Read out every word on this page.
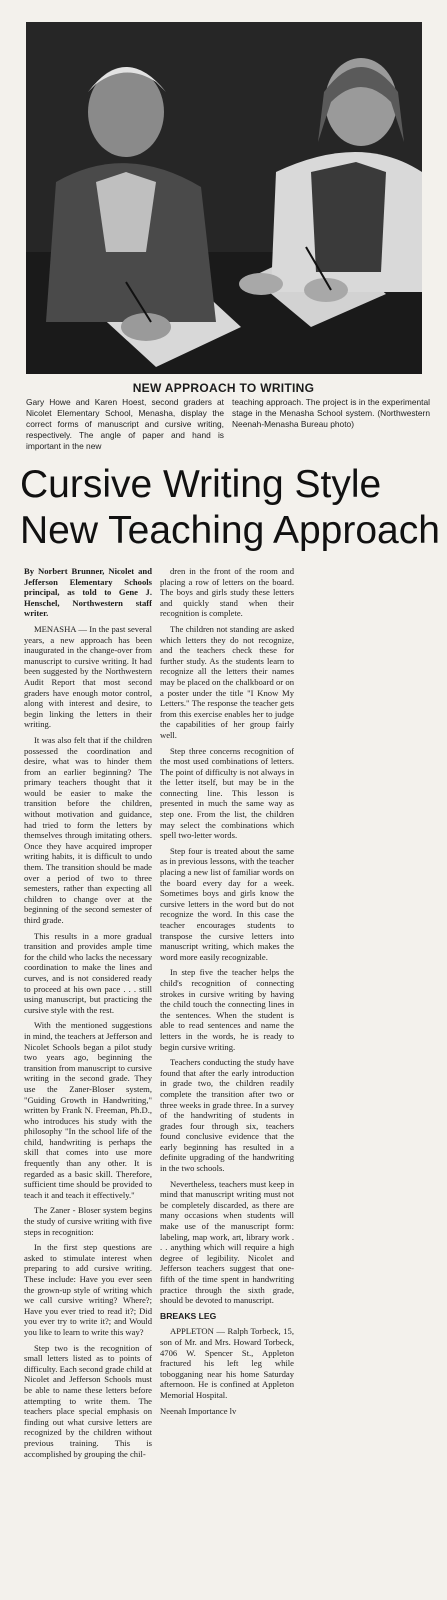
NEW APPROACH TO WRITING

Gary Howe and Karen Hoest, second graders at Nicolet Elementary School, Menasha, display the correct forms of manuscript and cursive writing, respectively. The angle of paper and hand is important in the new

teaching approach. The project is in the experimental stage in the Menasha School system. (Northwestern Neenah-Menasha Bureau photo)

Cursive Writing Style
New Teaching Approach

By Norbert Brunner, Nicolet and Jefferson Elementary Schools principal, as told to Gene J. Henschel, Northwestern staff writer.

MENASHA — In the past several years, a new approach has been inaugurated in the change-over from manuscript to cursive writing. It had been suggested by the Northwestern Audit Report that most second graders have enough motor control, along with interest and desire, to begin linking the letters in their writing.

It was also felt that if the children possessed the coordination and desire, what was to hinder them from an earlier beginning? The primary teachers thought that it would be easier to make the transition before the children, without motivation and guidance, had tried to form the letters by themselves through imitating others. Once they have acquired improper writing habits, it is difficult to undo them. The transition should be made over a period of two to three semesters, rather than expecting all children to change over at the beginning of the second semester of third grade.

This results in a more gradual transition and provides ample time for the child who lacks the necessary coordination to make the lines and curves, and is not considered ready to proceed at his own pace . . . still using manuscript, but practicing the cursive style with the rest.

With the mentioned suggestions in mind, the teachers at Jefferson and Nicolet Schools began a pilot study two years ago, beginning the transition from manuscript to cursive writing in the second grade. They use the Zaner-Bloser system, "Guiding Growth in Handwriting," written by Frank N. Freeman, Ph.D., who introduces his study with the philosophy "In the school life of the child, handwriting is perhaps the skill that comes into use more frequently than any other. It is regarded as a basic skill. Therefore, sufficient time should be provided to teach it and teach it effectively."

The Zaner - Bloser system begins the study of cursive writing with five steps in recognition:

In the first step questions are asked to stimulate interest when preparing to add cursive writing. These include: Have you ever seen the grown-up style of writing which we call cursive writing? Where?; Have you ever tried to read it?; Did you ever try to write it?; and Would you like to learn to write this way?

Step two is the recognition of small letters listed as to points of difficulty. Each second grade child at Nicolet and Jefferson Schools must be able to name these letters before attempting to write them. The teachers place special emphasis on finding out what cursive letters are recognized by the children without previous training. This is accomplished by grouping the chil-

dren in the front of the room and placing a row of letters on the board. The boys and girls study these letters and quickly stand when their recognition is complete.

The children not standing are asked which letters they do not recognize, and the teachers check these for further study. As the students learn to recognize all the letters their names may be placed on the chalkboard or on a poster under the title "I Know My Letters." The response the teacher gets from this exercise enables her to judge the capabilities of her group fairly well.

Step three concerns recognition of the most used combinations of letters. The point of difficulty is not always in the letter itself, but may be in the connecting line. This lesson is presented in much the same way as step one. From the list, the children may select the combinations which spell two-letter words.

Step four is treated about the same as in previous lessons, with the teacher placing a new list of familiar words on the board every day for a week. Sometimes boys and girls know the cursive letters in the word but do not recognize the word. In this case the teacher encourages students to transpose the cursive letters into manuscript writing, which makes the word more easily recognizable.

In step five the teacher helps the child's recognition of connecting strokes in cursive writing by having the child touch the connecting lines in the sentences. When the student is able to read sentences and name the letters in the words, he is ready to begin cursive writing.

Teachers conducting the study have found that after the early introduction in grade two, the children readily complete the transition after two or three weeks in grade three. In a survey of the handwriting of students in grades four through six, teachers found conclusive evidence that the early beginning has resulted in a definite upgrading of the handwriting in the two schools.

Nevertheless, teachers must keep in mind that manuscript writing must not be completely discarded, as there are many occasions when students will make use of the manuscript form: labeling, map work, art, library work . . . anything which will require a high degree of legibility. Nicolet and Jefferson teachers suggest that one-fifth of the time spent in handwriting practice through the sixth grade, should be devoted to manuscript.

BREAKS LEG

APPLETON — Ralph Torbeck, 15, son of Mr. and Mrs. Howard Torbeck, 4706 W. Spencer St., Appleton fractured his left leg while tobogganing near his home Saturday afternoon. He is confined at Appleton Memorial Hospital.

Neenah Importance lv
